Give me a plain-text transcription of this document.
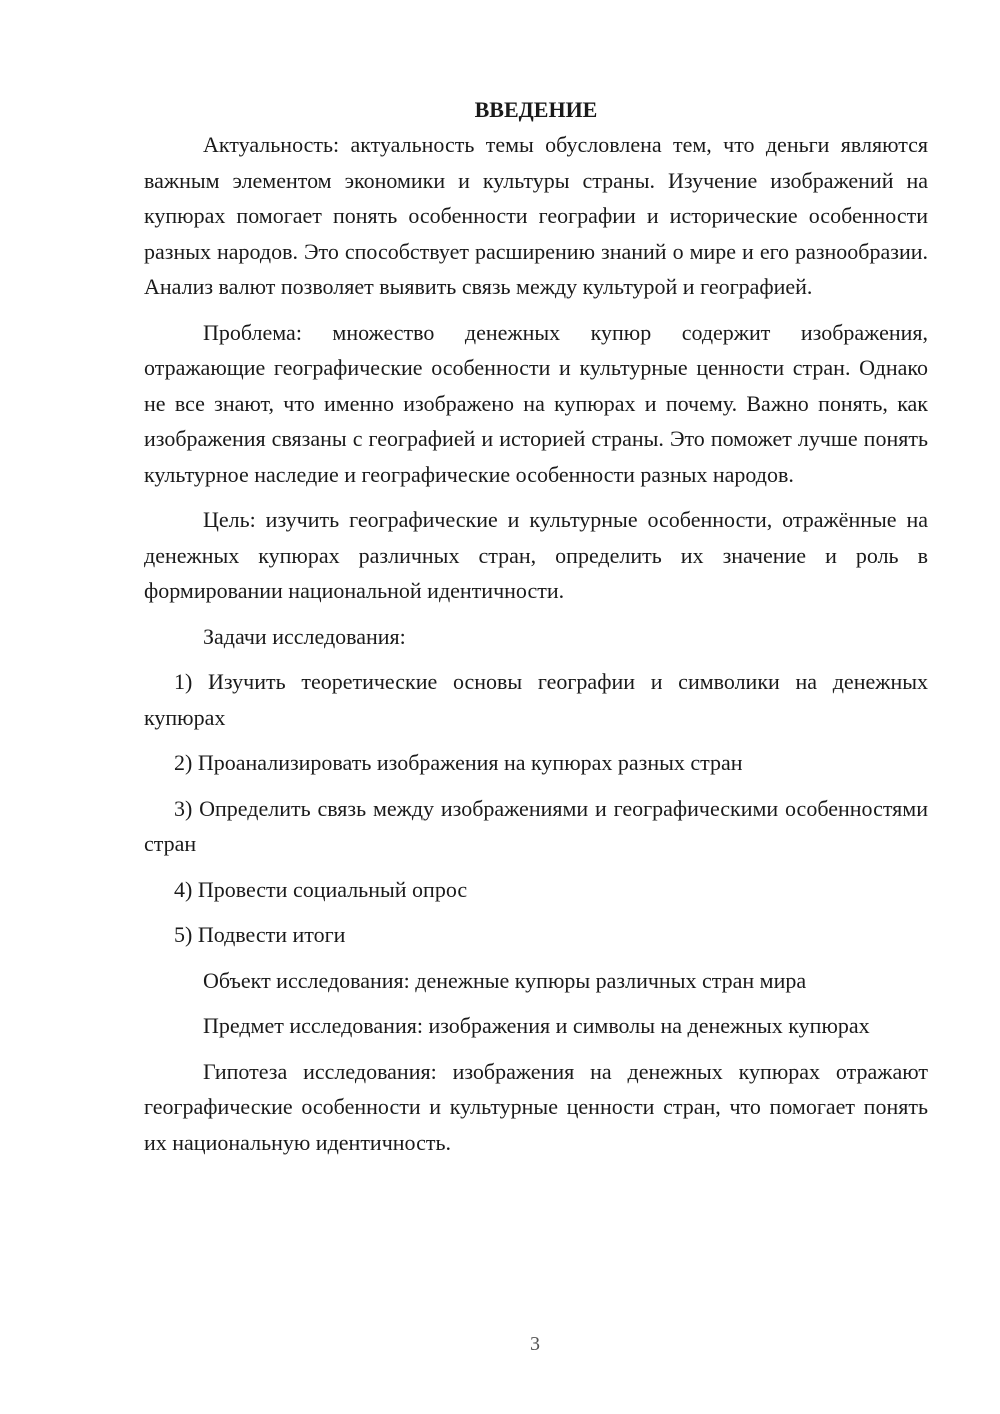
ВВЕДЕНИЕ

Актуальность: актуальность темы обусловлена тем, что деньги являются важным элементом экономики и культуры страны. Изучение изображений на купюрах помогает понять особенности географии и исторические особенности разных народов. Это способствует расширению знаний о мире и его разнообразии. Анализ валют позволяет выявить связь между культурой и географией.

Проблема: множество денежных купюр содержит изображения, отражающие географические особенности и культурные ценности стран. Однако не все знают, что именно изображено на купюрах и почему. Важно понять, как изображения связаны с географией и историей страны. Это поможет лучше понять культурное наследие и географические особенности разных народов.

Цель: изучить географические и культурные особенности, отражённые на денежных купюрах различных стран, определить их значение и роль в формировании национальной идентичности.

Задачи исследования:

1) Изучить теоретические основы географии и символики на денежных купюрах

2) Проанализировать изображения на купюрах разных стран

3) Определить связь между изображениями и географическими особенностями стран

4) Провести социальный опрос

5) Подвести итоги

Объект исследования: денежные купюры различных стран мира

Предмет исследования: изображения и символы на денежных купюрах

Гипотеза исследования: изображения на денежных купюрах отражают географические особенности и культурные ценности стран, что помогает понять их национальную идентичность.

3
